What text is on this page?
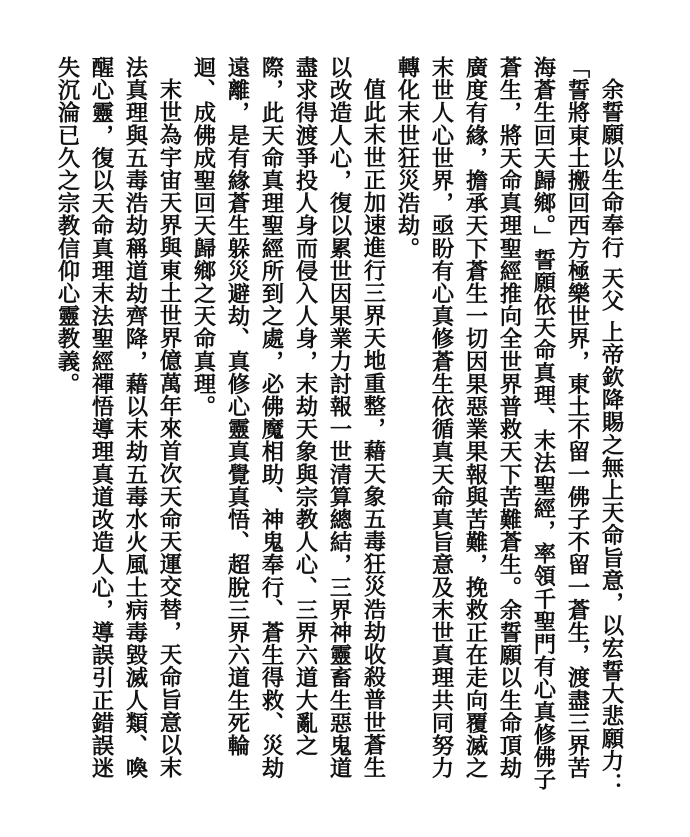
余誓願以生命奉行 天父 上帝欽降賜之無上天命旨意，以宏誓大悲願力：「誓將東土搬回西方極樂世界，東土不留一佛子不留一蒼生，渡盡三界苦海蒼生回天歸鄉。」誓願依天命真理、末法聖經，率領千聖門有心真修佛子蒼生，將天命真理聖經推向全世界普救天下苦難蒼生。余誓願以生命頂劫廣度有緣，擔承天下蒼生一切因果惡業果報與苦難，挽救正在走向覆滅之末世人心世界，亟盼有心真修蒼生依循真天命真旨意及末世真理共同努力轉化末世狂災浩劫。

值此末世正加速進行三界天地重整，藉天象五毒狂災浩劫收殺普世蒼生以改造人心，復以累世因果業力討報一世清算總結，三界神靈畜生惡鬼道盡求得渡爭投人身而侵入人身，末劫天象與宗教人心、三界六道大亂之際，此天命真理聖經所到之處，必佛魔相助、神鬼奉行、蒼生得救、災劫遠離，是有緣蒼生躲災避劫、真修心靈真覺真悟、超脫三界六道生死輪迴、成佛成聖回天歸鄉之天命真理。

末世為宇宙天界與東土世界億萬年來首次天命天運交替，天命旨意以末法真理與五毒浩劫稱道劫齊降，藉以末劫五毒水火風土病毒毀滅人類、喚醒心靈，復以天命真理末法聖經禪悟導理真道改造人心，導誤引正錯誤迷失沉淪已久之宗教信仰心靈教義。
